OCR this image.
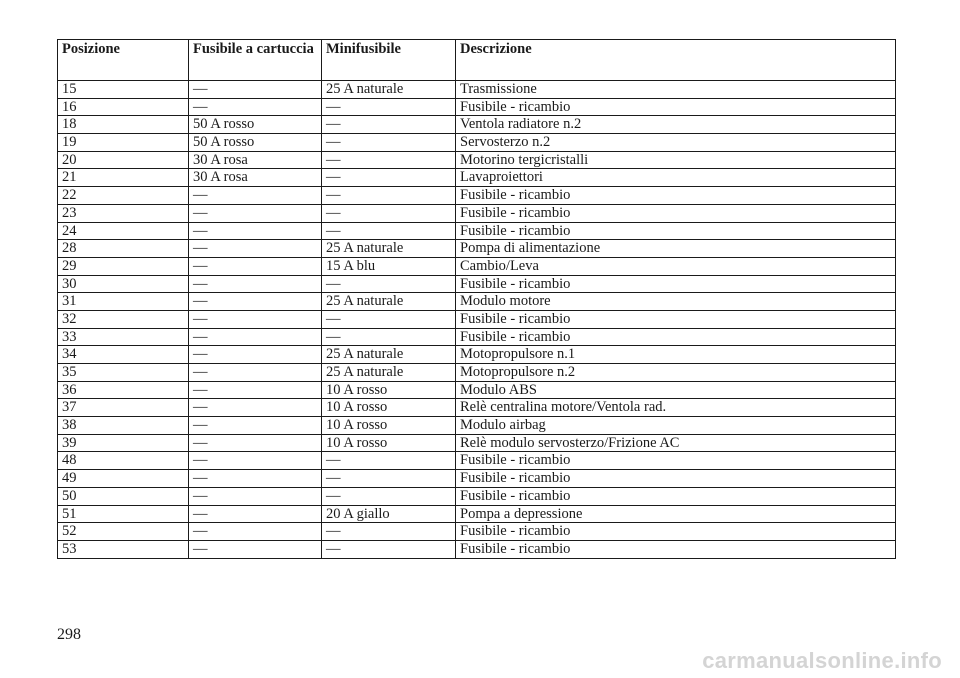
Posizione	Fusibile a cartuccia	Minifusibile	Descrizione
15	—	25 A naturale	Trasmissione
16	—	—	Fusibile - ricambio
18	50 A rosso	—	Ventola radiatore n.2
19	50 A rosso	—	Servosterzo n.2
20	30 A rosa	—	Motorino tergicristalli
21	30 A rosa	—	Lavaproiettori
22	—	—	Fusibile - ricambio
23	—	—	Fusibile - ricambio
24	—	—	Fusibile - ricambio
28	—	25 A naturale	Pompa di alimentazione
29	—	15 A blu	Cambio/Leva
30	—	—	Fusibile - ricambio
31	—	25 A naturale	Modulo motore
32	—	—	Fusibile - ricambio
33	—	—	Fusibile - ricambio
34	—	25 A naturale	Motopropulsore n.1
35	—	25 A naturale	Motopropulsore n.2
36	—	10 A rosso	Modulo ABS
37	—	10 A rosso	Relè centralina motore/Ventola rad.
38	—	10 A rosso	Modulo airbag
39	—	10 A rosso	Relè modulo servosterzo/Frizione AC
48	—	—	Fusibile - ricambio
49	—	—	Fusibile - ricambio
50	—	—	Fusibile - ricambio
51	—	20 A giallo	Pompa a depressione
52	—	—	Fusibile - ricambio
53	—	—	Fusibile - ricambio
298
carmanualsonline.info
